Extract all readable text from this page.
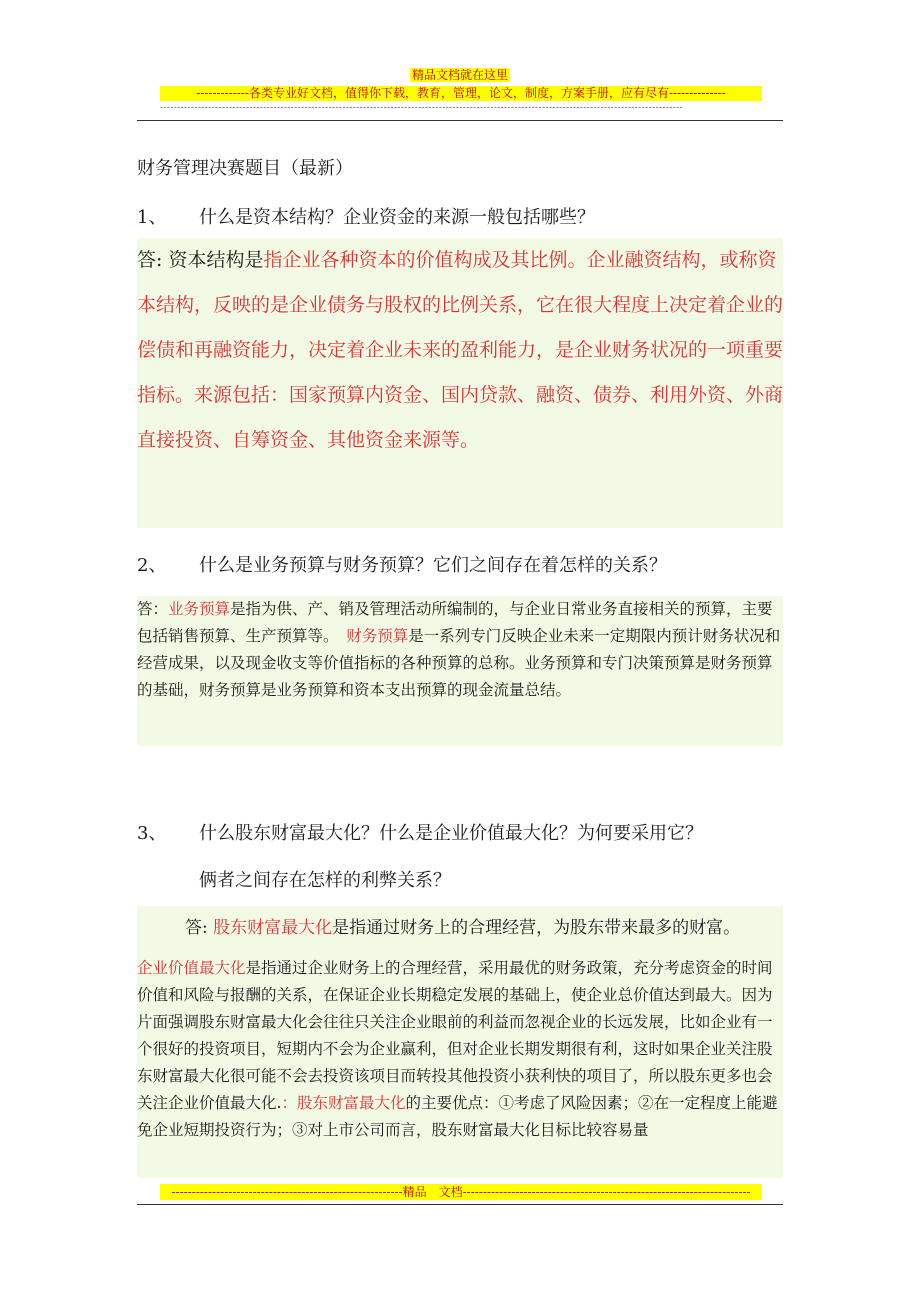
精品文档就在这里
-------------各类专业好文档，值得你下载，教育，管理，论文，制度，方案手册，应有尽有--------------
--------------------------------------------------------------------------------------------------------------------------------------------------------
财务管理决赛题目（最新）
1、 什么是资本结构？企业资金的来源一般包括哪些？
答: 资本结构是指企业各种资本的价值构成及其比例。企业融资结构，或称资本结构，反映的是企业债务与股权的比例关系，它在很大程度上决定着企业的偿债和再融资能力，决定着企业未来的盈利能力，是企业财务状况的一项重要指标。来源包括：国家预算内资金、国内贷款、融资、债券、利用外资、外商直接投资、自筹资金、其他资金来源等。
2、 什么是业务预算与财务预算？它们之间存在着怎样的关系？
答：业务预算是指为供、产、销及管理活动所编制的，与企业日常业务直接相关的预算，主要包括销售预算、生产预算等。　财务预算是一系列专门反映企业未来一定期限内预计财务状况和经营成果，以及现金收支等价值指标的各种预算的总称。业务预算和专门决策预算是财务预算的基础，财务预算是业务预算和资本支出预算的现金流量总结。
3、 什么股东财富最大化？什么是企业价值最大化？为何要采用它？
俩者之间存在怎样的利弊关系？
答: 股东财富最大化是指通过财务上的合理经营，为股东带来最多的财富。
企业价值最大化是指通过企业财务上的合理经营，采用最优的财务政策，充分考虑资金的时间价值和风险与报酬的关系，在保证企业长期稳定发展的基础上，使企业总价值达到最大。因为片面强调股东财富最大化会往往只关注企业眼前的利益而忽视企业的长远发展，比如企业有一个很好的投资项目，短期内不会为企业赢利，但对企业长期发期很有利，这时如果企业关注股东财富最大化很可能不会去投资该项目而转投其他投资小获利快的项目了，所以股东更多也会关注企业价值最大化.：股东财富最大化的主要优点：①考虑了风险因素；②在一定程度上能避免企业短期投资行为；③对上市公司而言，股东财富最大化目标比较容易量
---------------------------------------------------------精品　文档-----------------------------------------------------------------------
